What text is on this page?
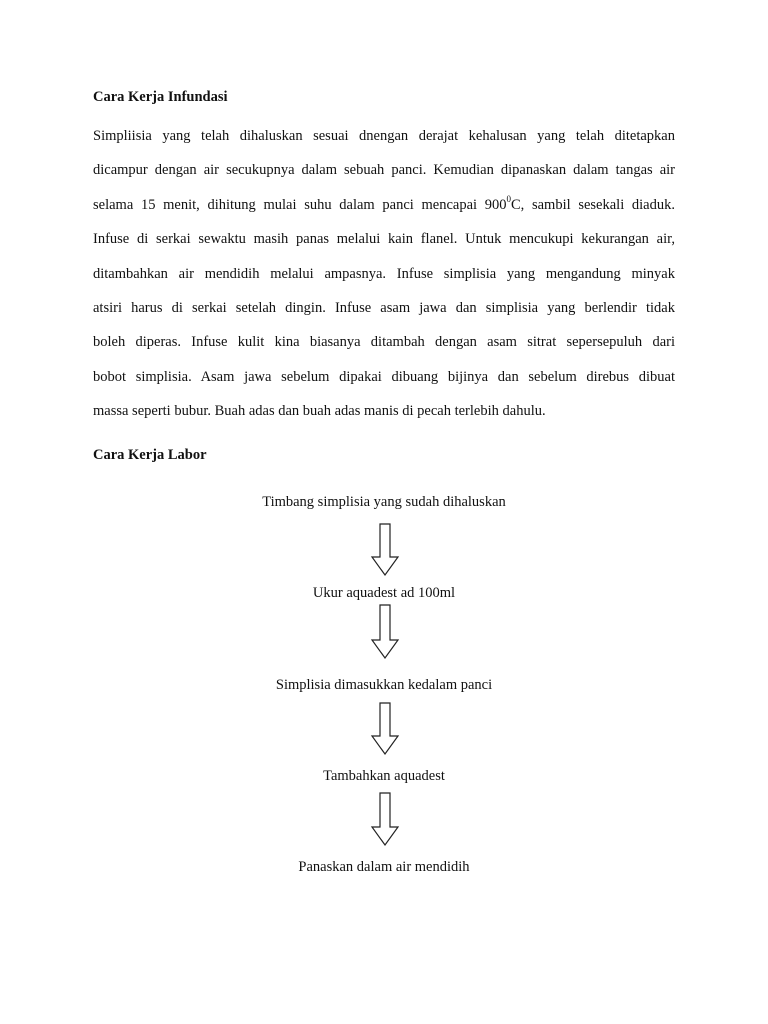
Cara Kerja Infundasi

Simpliisia yang telah dihaluskan sesuai dnengan derajat kehalusan yang telah ditetapkan
dicampur dengan air secukupnya dalam sebuah panci. Kemudian dipanaskan dalam tangas air
selama 15 menit, dihitung mulai suhu dalam panci mencapai $900^0C$, sambil sesekali diaduk.
Infuse di serkai sewaktu masih panas melalui kain flanel. Untuk mencukupi kekurangan air,
ditambahkan air mendidih melalui ampasnya. Infuse simplisia yang mengandung minyak
atsiri harus di serkai setelah dingin. Infuse asam jawa dan simplisia yang berlendir tidak
boleh diperas. Infuse kulit kina biasanya ditambah dengan asam sitrat sepersepuluh dari
bobot simplisia. Asam jawa sebelum dipakai dibuang bijinya dan sebelum direbus dibuat
massa seperti bubur. Buah adas dan buah adas manis di pecah terlebih dahulu.

Cara Kerja Labor

Timbang simplisia yang sudah dihaluskan

Ukur aquadest ad 100ml

Simplisia dimasukkan kedalam panci

Tambahkan aquadest

Panaskan dalam air mendidih
